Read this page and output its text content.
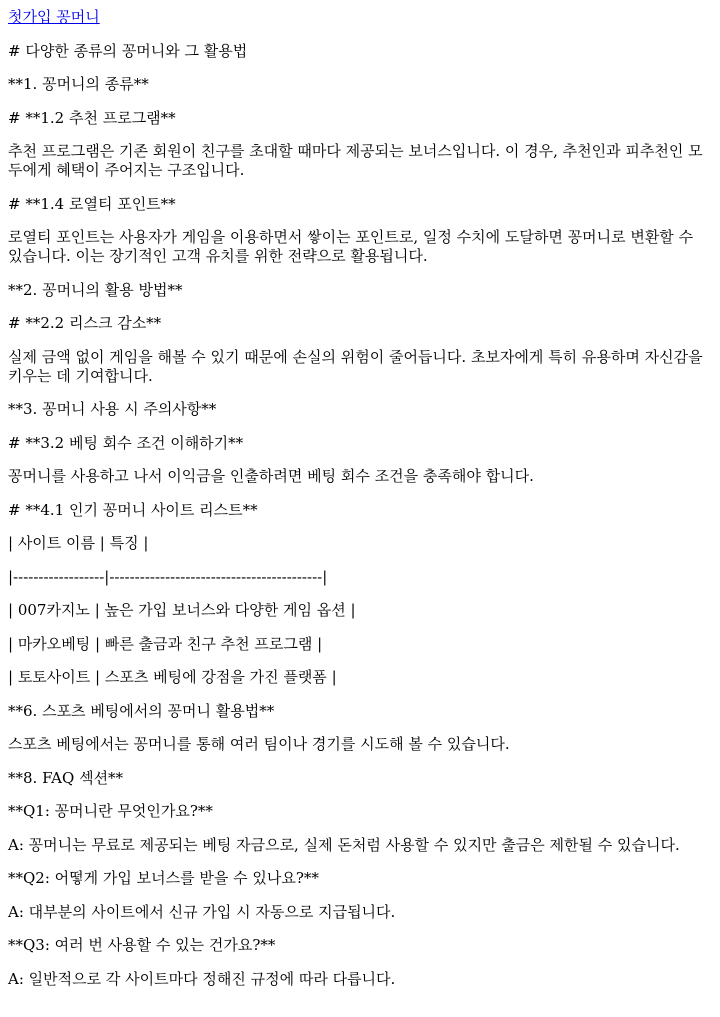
첫가입 꽁머니

# 다양한 종류의 꽁머니와 그 활용법

**1. 꽁머니의 종류**

# **1.2 추천 프로그램**

추천 프로그램은 기존 회원이 친구를 초대할 때마다 제공되는 보너스입니다. 이 경우, 추천인과 피추천인 모두에게 혜택이 주어지는 구조입니다.

# **1.4 로열티 포인트**

로열티 포인트는 사용자가 게임을 이용하면서 쌓이는 포인트로, 일정 수치에 도달하면 꽁머니로 변환할 수 있습니다. 이는 장기적인 고객 유치를 위한 전략으로 활용됩니다.

**2. 꽁머니의 활용 방법**

# **2.2 리스크 감소**

실제 금액 없이 게임을 해볼 수 있기 때문에 손실의 위험이 줄어듭니다. 초보자에게 특히 유용하며 자신감을 키우는 데 기여합니다.

**3. 꽁머니 사용 시 주의사항**

# **3.2 베팅 회수 조건 이해하기**

꽁머니를 사용하고 나서 이익금을 인출하려면 베팅 회수 조건을 충족해야 합니다.

# **4.1 인기 꽁머니 사이트 리스트**

| 사이트 이름 | 특징 |

|------------------|------------------------------------------|

| 007카지노 | 높은 가입 보너스와 다양한 게임 옵션 |

| 마카오베팅 | 빠른 출금과 친구 추천 프로그램 |

| 토토사이트 | 스포츠 베팅에 강점을 가진 플랫폼 |

**6. 스포츠 베팅에서의 꽁머니 활용법**

스포츠 베팅에서는 꽁머니를 통해 여러 팀이나 경기를 시도해 볼 수 있습니다.

**8. FAQ 섹션**

**Q1: 꽁머니란 무엇인가요?**

A: 꽁머니는 무료로 제공되는 베팅 자금으로, 실제 돈처럼 사용할 수 있지만 출금은 제한될 수 있습니다.

**Q2: 어떻게 가입 보너스를 받을 수 있나요?**

A: 대부분의 사이트에서 신규 가입 시 자동으로 지급됩니다.

**Q3: 여러 번 사용할 수 있는 건가요?**

A: 일반적으로 각 사이트마다 정해진 규정에 따라 다릅니다.
